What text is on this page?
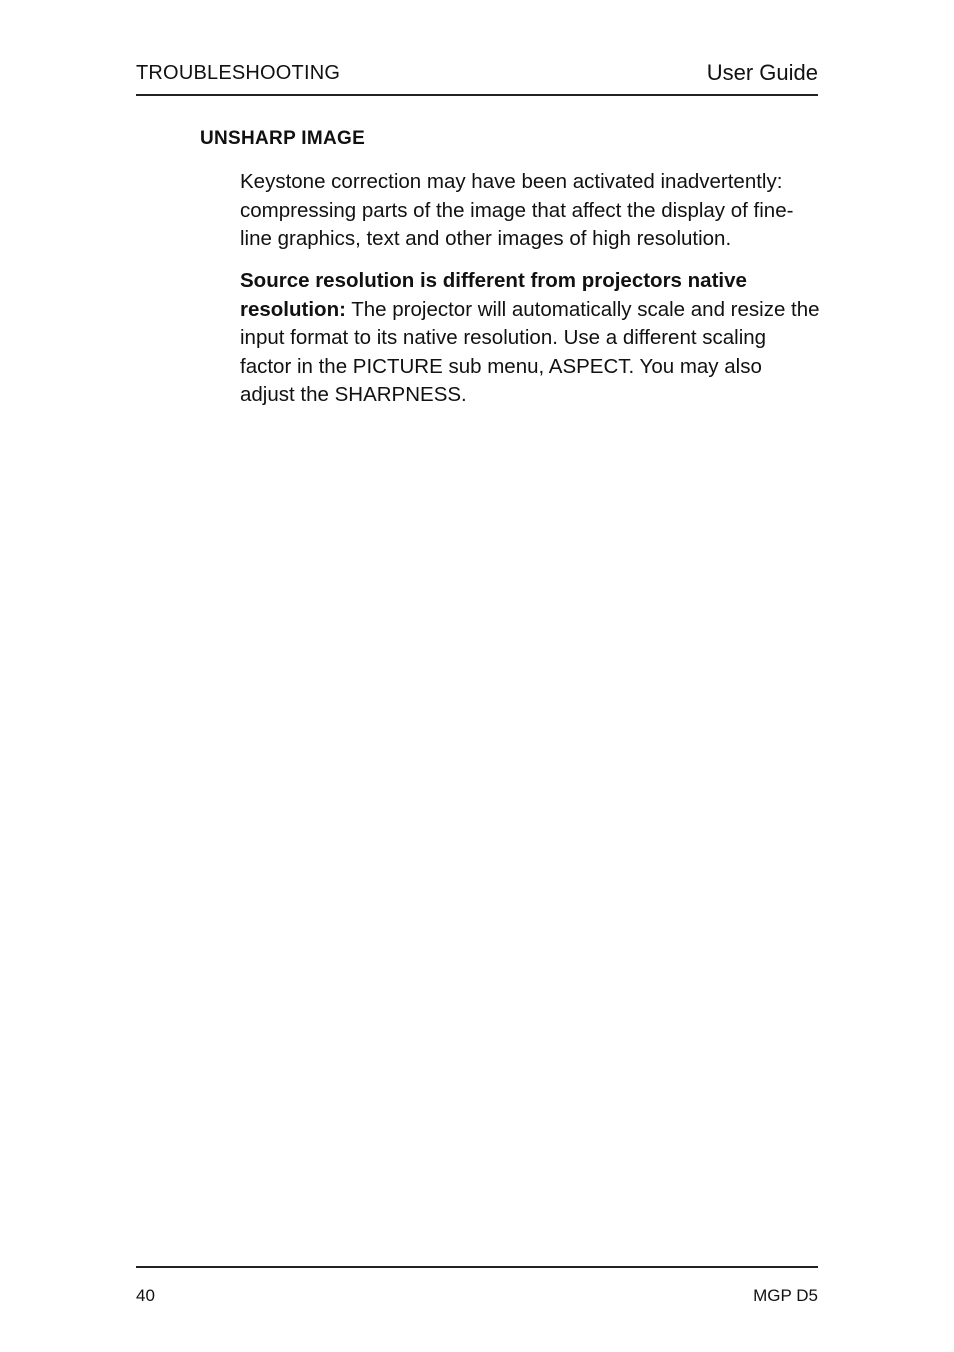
TROUBLESHOOTING	User Guide
UNSHARP IMAGE
Keystone correction may have been activated inadvertently: compressing parts of the image that affect the display of fine-line graphics, text and other images of high resolution.
Source resolution is different from projectors native resolution: The projector will automatically scale and resize the input format to its native resolution. Use a different scaling factor in the PICTURE sub menu, ASPECT. You may also adjust the SHARPNESS.
40	MGP D5
